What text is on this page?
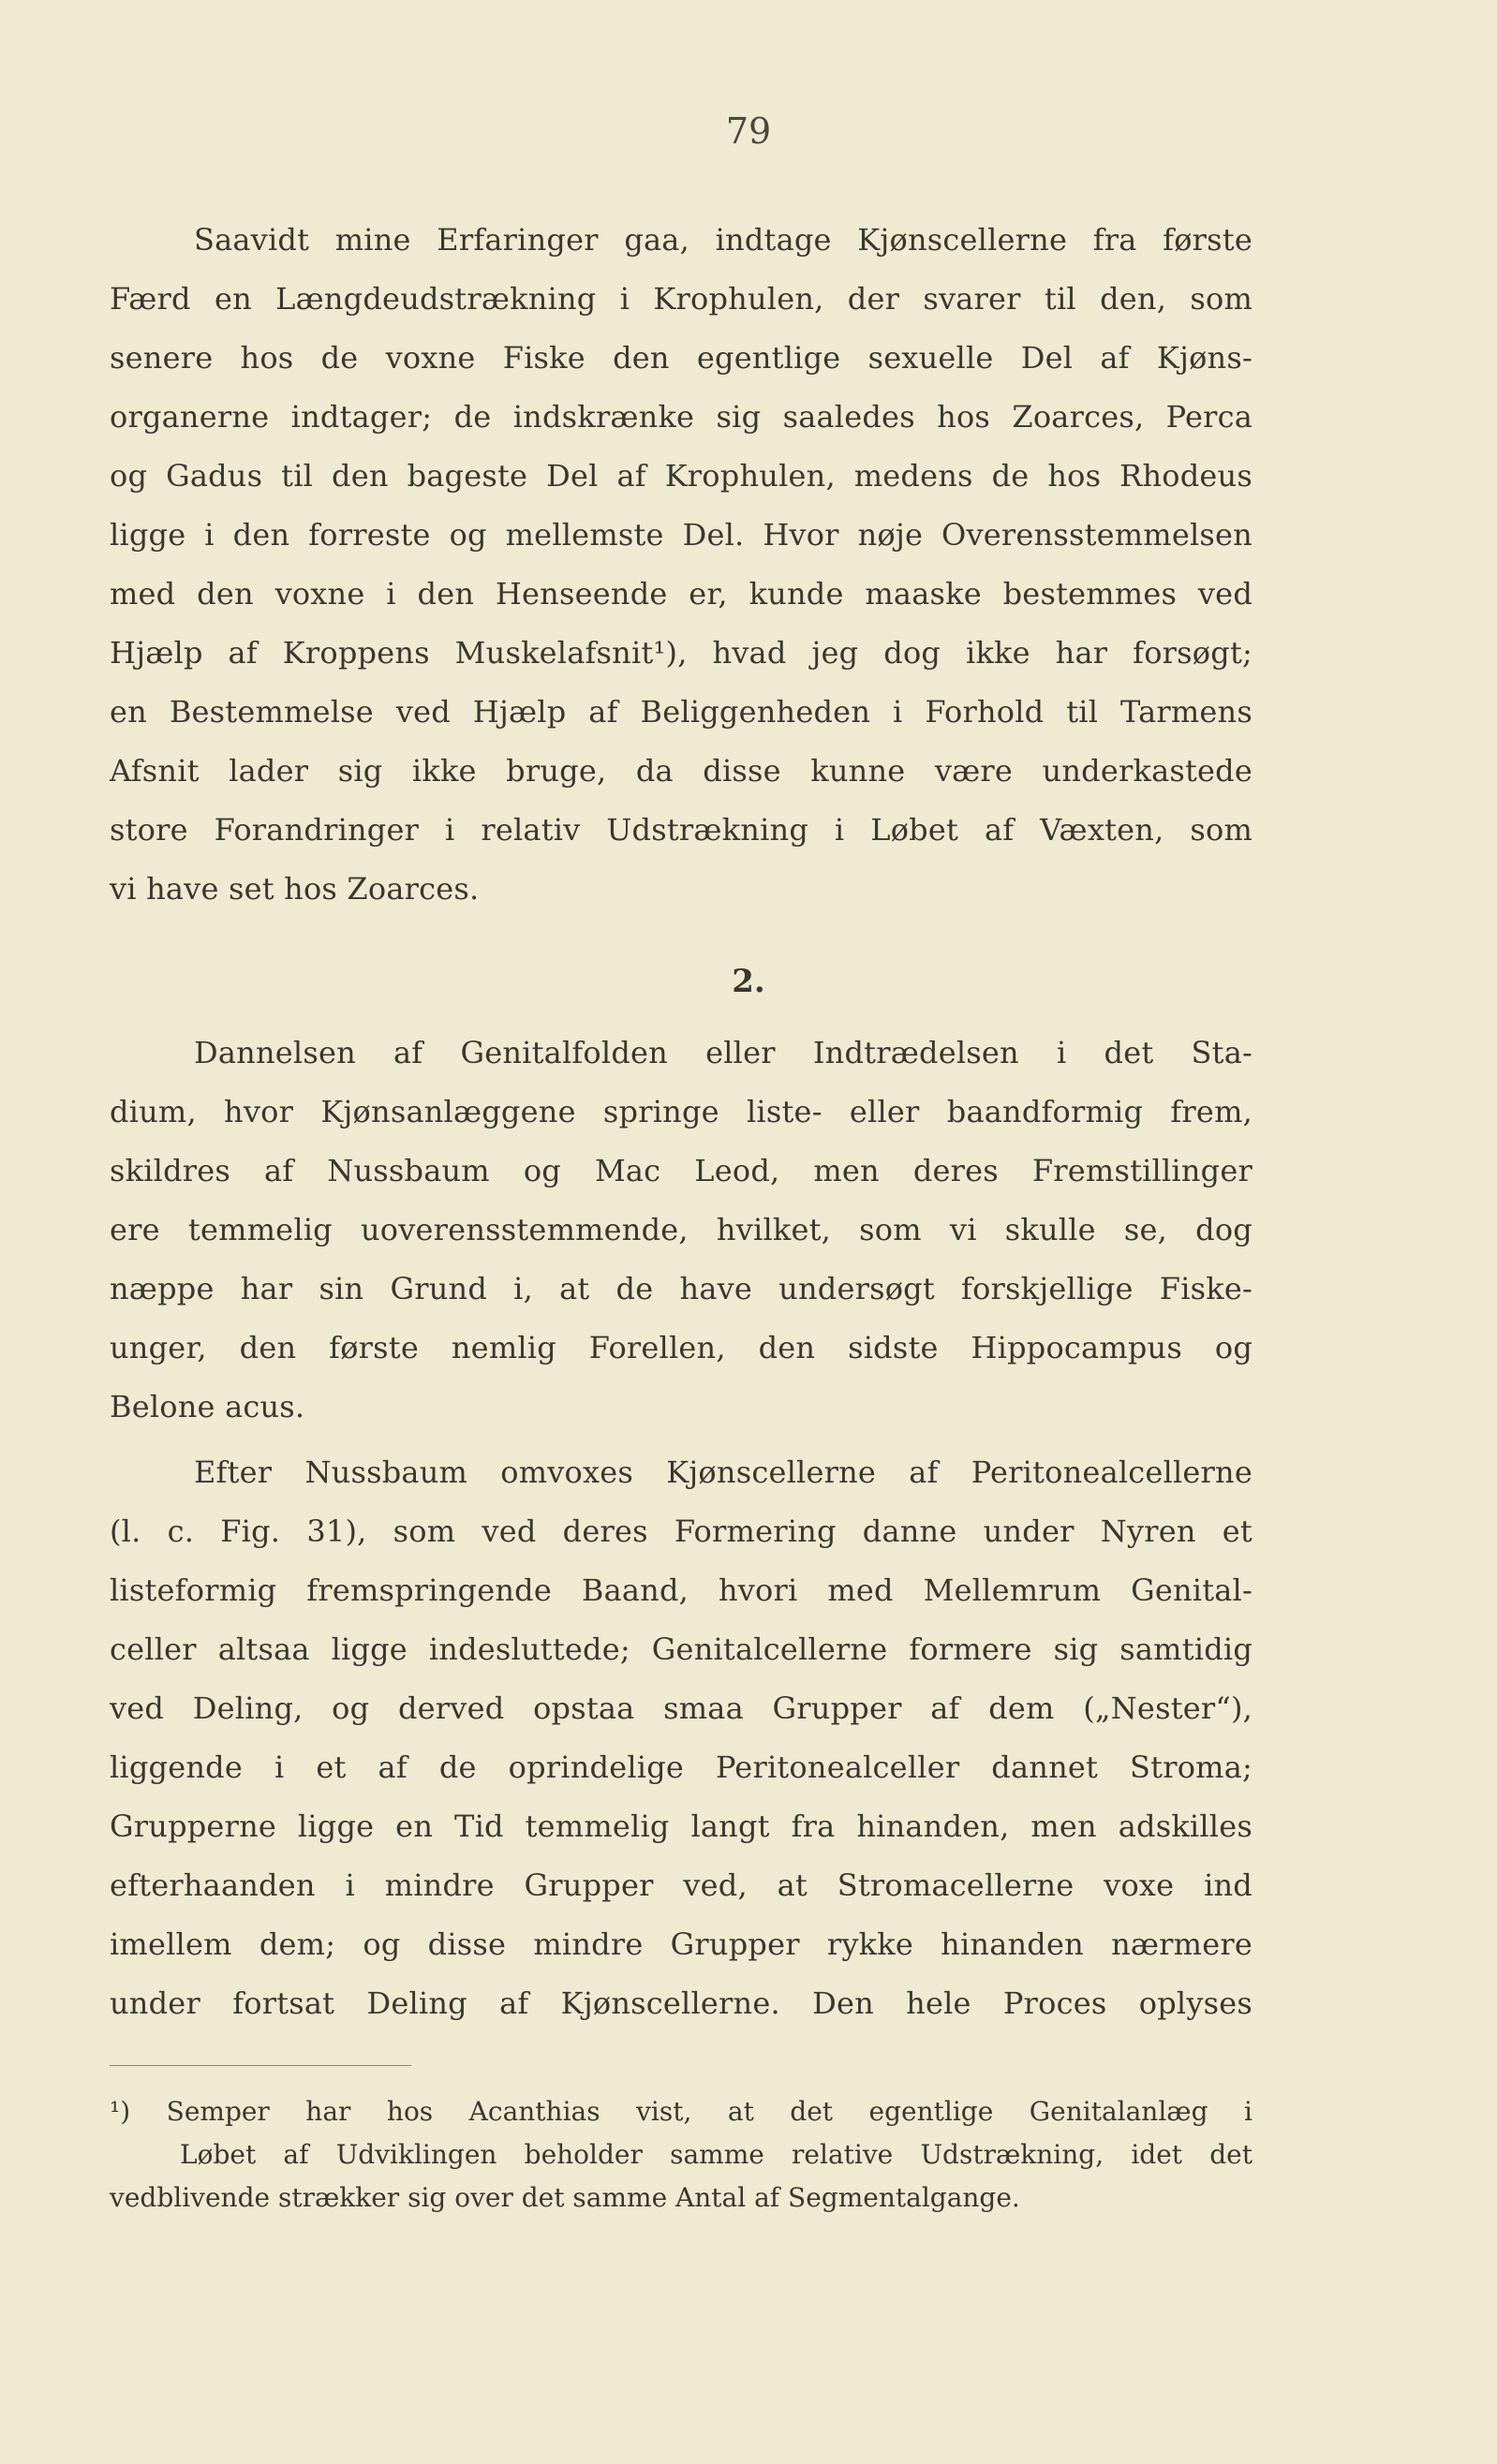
79
Saavidt mine Erfaringer gaa, indtage Kjønscellerne fra første
Færd en Længdeudstrækning i Krophulen, der svarer til den, som
senere hos de voxne Fiske den egentlige sexuelle Del af Kjøns-
organerne indtager; de indskrænke sig saaledes hos Zoarces, Perca
og Gadus til den bageste Del af Krophulen, medens de hos Rhodeus
ligge i den forreste og mellemste Del. Hvor nøje Overensstemmelsen
med den voxne i den Henseende er, kunde maaske bestemmes ved
Hjælp af Kroppens Muskelafsnit¹), hvad jeg dog ikke har forsøgt;
en Bestemmelse ved Hjælp af Beliggenheden i Forhold til Tarmens
Afsnit lader sig ikke bruge, da disse kunne være underkastede
store Forandringer i relativ Udstrækning i Løbet af Væxten, som
vi have set hos Zoarces.
2.
Dannelsen af Genitalfolden eller Indtrædelsen i det Sta-
dium, hvor Kjønsanlæggene springe liste- eller baandformig frem,
skildres af Nussbaum og Mac Leod, men deres Fremstillinger
ere temmelig uoverensstemmende, hvilket, som vi skulle se, dog
næppe har sin Grund i, at de have undersøgt forskjellige Fiske-
unger, den første nemlig Forellen, den sidste Hippocampus og
Belone acus.
Efter Nussbaum omvoxes Kjønscellerne af Peritonealcellerne
(l. c. Fig. 31), som ved deres Formering danne under Nyren et
listeformig fremspringende Baand, hvori med Mellemrum Genital-
celler altsaa ligge indesluttede; Genitalcellerne formere sig samtidig
ved Deling, og derved opstaa smaa Grupper af dem („Nester“),
liggende i et af de oprindelige Peritonealceller dannet Stroma;
Grupperne ligge en Tid temmelig langt fra hinanden, men adskilles
efterhaanden i mindre Grupper ved, at Stromacellerne voxe ind
imellem dem; og disse mindre Grupper rykke hinanden nærmere
under fortsat Deling af Kjønscellerne. Den hele Proces oplyses
¹) Semper har hos Acanthias vist, at det egentlige Genitalanlæg i
Løbet af Udviklingen beholder samme relative Udstrækning, idet det
vedblivende strækker sig over det samme Antal af Segmentalgange.
